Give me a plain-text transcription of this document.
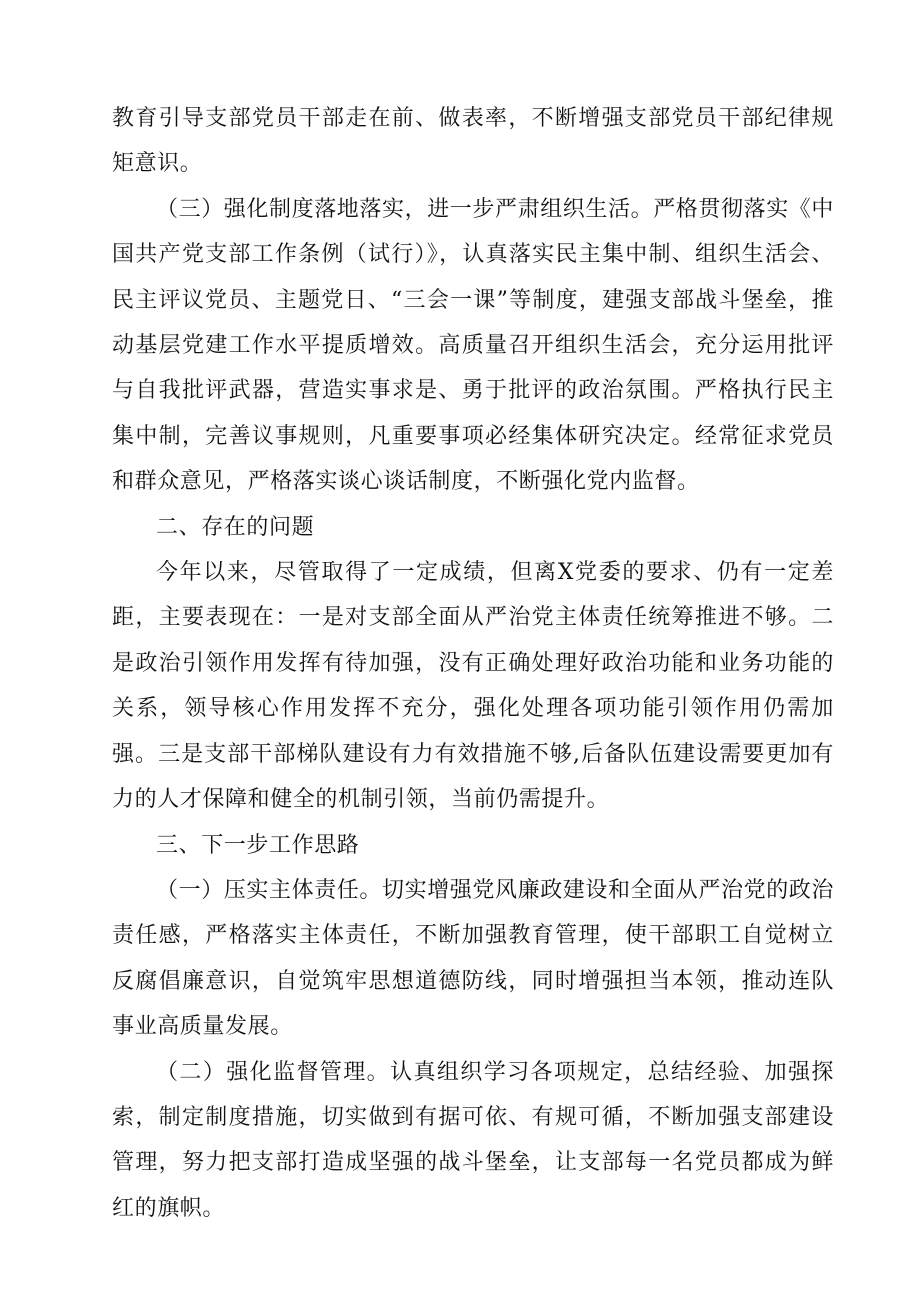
教育引导支部党员干部走在前、做表率，不断增强支部党员干部纪律规矩意识。

（三）强化制度落地落实，进一步严肃组织生活。严格贯彻落实《中国共产党支部工作条例（试行）》，认真落实民主集中制、组织生活会、民主评议党员、主题党日、“三会一课”等制度，建强支部战斗堡垒，推动基层党建工作水平提质增效。高质量召开组织生活会，充分运用批评与自我批评武器，营造实事求是、勇于批评的政治氛围。严格执行民主集中制，完善议事规则，凡重要事项必经集体研究决定。经常征求党员和群众意见，严格落实谈心谈话制度，不断强化党内监督。

二、存在的问题

今年以来，尽管取得了一定成绩，但离X党委的要求、仍有一定差距，主要表现在：一是对支部全面从严治党主体责任统筹推进不够。二是政治引领作用发挥有待加强，没有正确处理好政治功能和业务功能的关系，领导核心作用发挥不充分，强化处理各项功能引领作用仍需加强。三是支部干部梯队建设有力有效措施不够,后备队伍建设需要更加有力的人才保障和健全的机制引领，当前仍需提升。

三、下一步工作思路

（一）压实主体责任。切实增强党风廉政建设和全面从严治党的政治责任感，严格落实主体责任，不断加强教育管理，使干部职工自觉树立反腐倡廉意识，自觉筑牢思想道德防线，同时增强担当本领，推动连队事业高质量发展。

（二）强化监督管理。认真组织学习各项规定，总结经验、加强探索，制定制度措施，切实做到有据可依、有规可循，不断加强支部建设管理，努力把支部打造成坚强的战斗堡垒，让支部每一名党员都成为鲜红的旗帜。
